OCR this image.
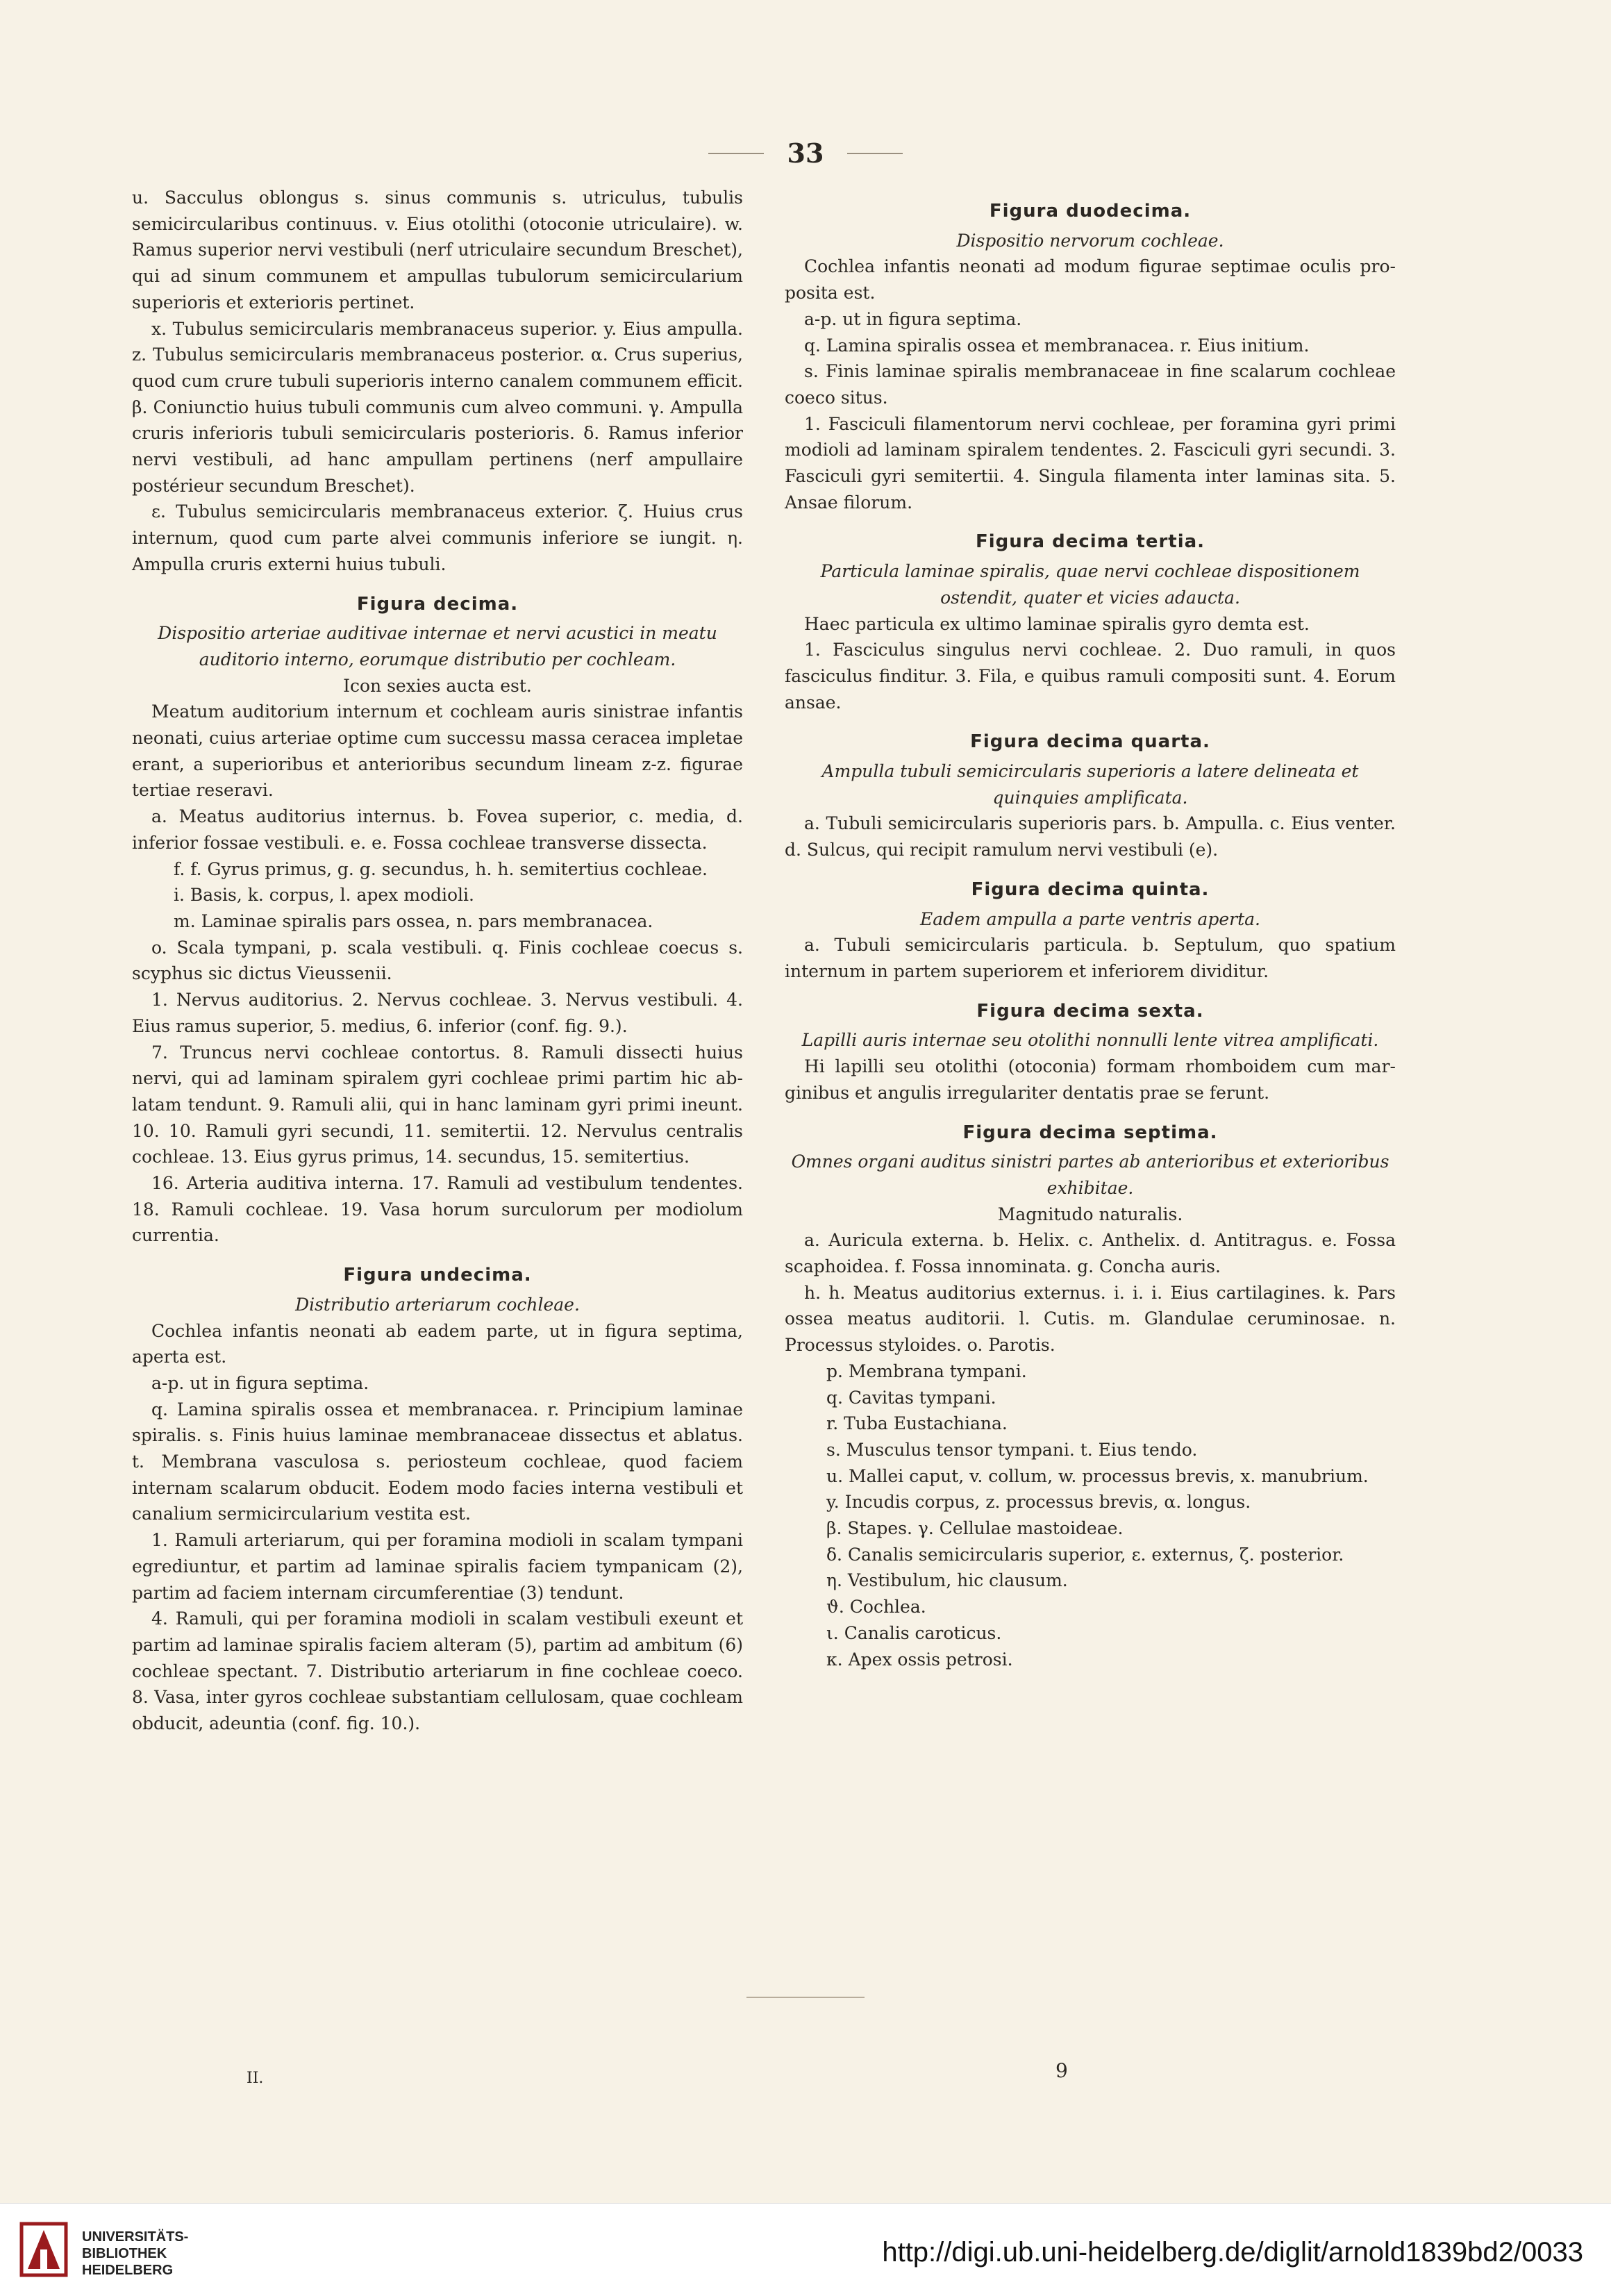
33
u. Sacculus oblongus s. sinus communis s. utriculus, tubulis semicircularibus continuus. v. Eius otolithi (otoconie utriculaire). w. Ramus superior nervi vestibuli (nerf utriculaire secundum Breschet), qui ad sinum communem et ampullas tubulorum semicircularium superioris et exterioris pertinet.
x. Tubulus semicircularis membranaceus superior. y. Eius ampulla. z. Tubulus semicircularis membranaceus posterior. α. Crus superius, quod cum crure tubuli superioris interno canalem communem efficit. β. Coniunctio huius tubuli communis cum alveo communi. γ. Ampulla cruris inferioris tubuli semicircularis posterioris. δ. Ramus inferior nervi vestibuli, ad hanc ampullam pertinens (nerf ampullaire postérieur secundum Breschet).
ε. Tubulus semicircularis membranaceus exterior. ζ. Huius crus internum, quod cum parte alvei communis inferiore se iungit. η. Ampulla cruris externi huius tubuli.
Figura decima.
Dispositio arteriae auditivae internae et nervi acustici in meatu auditorio interno, eorumque distributio per cochleam.
Icon sexies aucta est.
Meatum auditorium internum et cochleam auris sinistrae infantis neonati, cuius arteriae optime cum successu massa ceracea impletae erant, a superioribus et anterioribus secundum lineam z-z. figurae tertiae reseravi.
a. Meatus auditorius internus. b. Fovea superior, c. media, d. inferior fossae vestibuli. e. e. Fossa cochleae transverse dissecta.
f. f. Gyrus primus, g. g. secundus, h. h. semitertius cochleae.
i. Basis, k. corpus, l. apex modioli.
m. Laminae spiralis pars ossea, n. pars membranacea.
o. Scala tympani, p. scala vestibuli. q. Finis cochleae coecus s. scyphus sic dictus Vieussenii.
1. Nervus auditorius. 2. Nervus cochleae. 3. Nervus vestibuli. 4. Eius ramus superior, 5. medius, 6. inferior (conf. fig. 9.).
7. Truncus nervi cochleae contortus. 8. Ramuli dissecti huius nervi, qui ad laminam spiralem gyri cochleae primi partim hic ablatam tendunt. 9. Ramuli alii, qui in hanc laminam gyri primi ineunt. 10. 10. Ramuli gyri secundi, 11. semitertii. 12. Nervulus centralis cochleae. 13. Eius gyrus primus, 14. secundus, 15. semitertius.
16. Arteria auditiva interna. 17. Ramuli ad vestibulum tendentes. 18. Ramuli cochleae. 19. Vasa horum surculorum per modiolum currentia.
Figura undecima.
Distributio arteriarum cochleae.
Cochlea infantis neonati ab eadem parte, ut in figura septima, aperta est.
a-p. ut in figura septima.
q. Lamina spiralis ossea et membranacea. r. Principium laminae spiralis. s. Finis huius laminae membranaceae dissectus et ablatus. t. Membrana vasculosa s. periosteum cochleae, quod faciem internam scalarum obducit. Eodem modo facies interna vestibuli et canalium sermicircularium vestita est.
1. Ramuli arteriarum, qui per foramina modioli in scalam tympani egrediuntur, et partim ad laminae spiralis faciem tympanicam (2), partim ad faciem internam circumferentiae (3) tendunt.
4. Ramuli, qui per foramina modioli in scalam vestibuli exeunt et partim ad laminae spiralis faciem alteram (5), partim ad ambitum (6) cochleae spectant. 7. Distributio arteriarum in fine cochleae coeco. 8. Vasa, inter gyros cochleae substantiam cellulosam, quae cochleam obducit, adeuntia (conf. fig. 10.).
Figura duodecima.
Dispositio nervorum cochleae.
Cochlea infantis neonati ad modum figurae septimae oculis proposita est.
a-p. ut in figura septima.
q. Lamina spiralis ossea et membranacea. r. Eius initium.
s. Finis laminae spiralis membranaceae in fine scalarum cochleae coeco situs.
1. Fasciculi filamentorum nervi cochleae, per foramina gyri primi modioli ad laminam spiralem tendentes. 2. Fasciculi gyri secundi. 3. Fasciculi gyri semitertii. 4. Singula filamenta inter laminas sita. 5. Ansae filorum.
Figura decima tertia.
Particula laminae spiralis, quae nervi cochleae dispositionem ostendit, quater et vicies adaucta.
Haec particula ex ultimo laminae spiralis gyro demta est.
1. Fasciculus singulus nervi cochleae. 2. Duo ramuli, in quos fasciculus finditur. 3. Fila, e quibus ramuli compositi sunt. 4. Eorum ansae.
Figura decima quarta.
Ampulla tubuli semicircularis superioris a latere delineata et quinquies amplificata.
a. Tubuli semicircularis superioris pars. b. Ampulla. c. Eius venter. d. Sulcus, qui recipit ramulum nervi vestibuli (e).
Figura decima quinta.
Eadem ampulla a parte ventris aperta.
a. Tubuli semicircularis particula. b. Septulum, quo spatium internum in partem superiorem et inferiorem dividitur.
Figura decima sexta.
Lapilli auris internae seu otolithi nonnulli lente vitrea amplificati.
Hi lapilli seu otolithi (otoconia) formam rhomboidem cum marginibus et angulis irregulariter dentatis prae se ferunt.
Figura decima septima.
Omnes organi auditus sinistri partes ab anterioribus et exterioribus exhibitae.
Magnitudo naturalis.
a. Auricula externa. b. Helix. c. Anthelix. d. Antitragus. e. Fossa scaphoidea. f. Fossa innominata. g. Concha auris.
h. h. Meatus auditorius externus. i. i. i. Eius cartilagines. k. Pars ossea meatus auditorii. l. Cutis. m. Glandulae ceruminosae. n. Processus styloides. o. Parotis.
p. Membrana tympani.
q. Cavitas tympani.
r. Tuba Eustachiana.
s. Musculus tensor tympani. t. Eius tendo.
u. Mallei caput, v. collum, w. processus brevis, x. manubrium.
y. Incudis corpus, z. processus brevis, α. longus.
β. Stapes. γ. Cellulae mastoideae.
δ. Canalis semicircularis superior, ε. externus, ζ. posterior.
η. Vestibulum, hic clausum.
ϑ. Cochlea.
ι. Canalis caroticus.
κ. Apex ossis petrosi.
II.	9
UNIVERSITÄTS-
BIBLIOTHEK
HEIDELBERG
http://digi.ub.uni-heidelberg.de/diglit/arnold1839bd2/0033
